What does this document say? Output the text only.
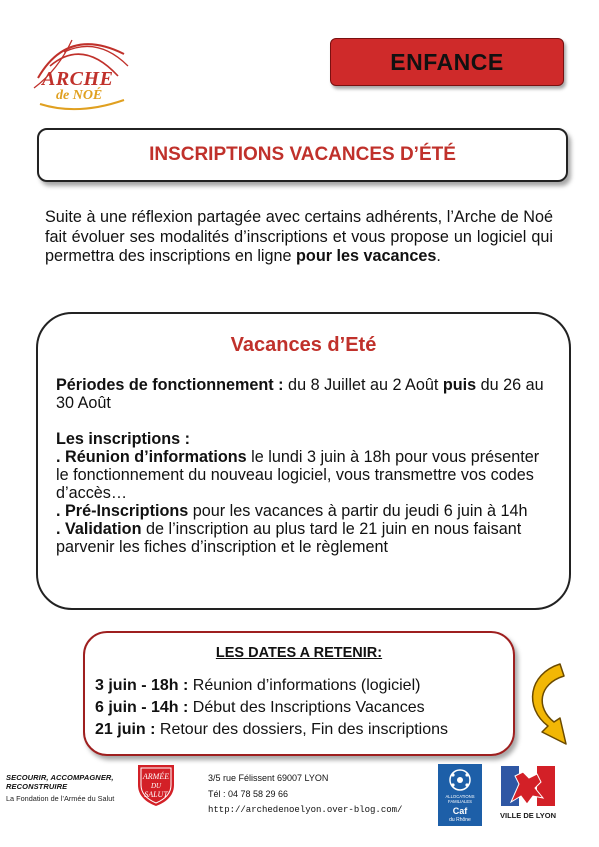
ARCHE
de NOÉ
ENFANCE
INSCRIPTIONS VACANCES D’ÉTÉ
Suite à une réflexion partagée avec certains adhérents, l’Arche de Noé fait évoluer ses modalités d’inscriptions et vous propose un logiciel qui permettra des inscriptions en ligne pour les vacances.
Vacances d’Eté

Périodes de fonctionnement : du 8 Juillet au 2 Août puis du 26 au 30 Août

Les inscriptions :

. Réunion d’informations le lundi 3 juin à 18h pour vous présenter le fonctionnement du nouveau logiciel, vous transmettre vos codes d’accès…

. Pré-Inscriptions pour les vacances à partir du jeudi 6 juin à 14h

. Validation de l’inscription au plus tard le 21 juin en nous faisant parvenir les fiches d’inscription et le règlement

LES DATES A RETENIR:

3 juin - 18h : Réunion d’informations (logiciel)

6 juin - 14h : Début des Inscriptions Vacances

21 juin : Retour des dossiers, Fin des inscriptions

SECOURIR, ACCOMPAGNER, RECONSTRUIRE
La Fondation de l’Armée du Salut
ARMÉE
DU
SALUT
3/5 rue Félissent 69007 LYON
Tél : 04 78 58 29 66
http://archedenoelyon.over-blog.com/
ALLOCATIONS
FAMILIALES
Caf
du Rhône	VILLE DE LYON
